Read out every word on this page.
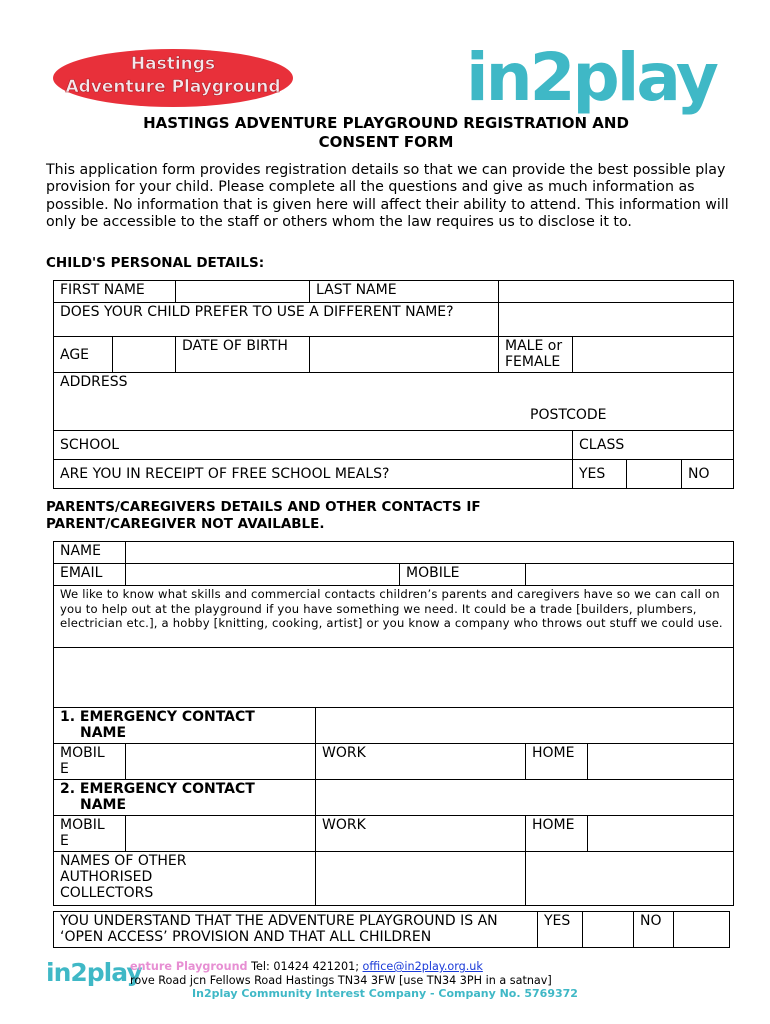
Hastings
Adventure Playground	in2play
HASTINGS ADVENTURE PLAYGROUND REGISTRATION AND
CONSENT FORM
This application form provides registration details so that we can provide the best possible play provision for your child. Please complete all the questions and give as much information as possible. No information that is given here will affect their ability to attend. This information will only be accessible to the staff or others whom the law requires us to disclose it to.
CHILD'S PERSONAL DETAILS:
FIRST NAME			LAST NAME				
DOES YOUR CHILD PREFER TO USE A DIFFERENT NAME?							
AGE		DATE OF BIRTH		MALE or FEMALE			
ADDRESS
POSTCODE							

SCHOOL					CLASS		
ARE YOU IN RECEIPT OF FREE SCHOOL MEALS?					YES		NO
PARENTS/CAREGIVERS DETAILS AND OTHER CONTACTS IF
PARENT/CAREGIVER NOT AVAILABLE.
NAME					
EMAIL			MOBILE		
We like to know what skills and commercial contacts children’s parents and caregivers have so we can call on you to help out at the playground if you have something we need. It could be a trade [builders, plumbers, electrician etc.], a hobby [knitting, cooking, artist] or you know a company who throws out stuff we could use.					

1. EMERGENCY CONTACT
NAME					

MOBIL
E		WORK		HOME	

2. EMERGENCY CONTACT
NAME					

MOBIL
E		WORK		HOME	
NAMES OF OTHER AUTHORISED COLLECTORS					
YOU UNDERSTAND THAT THE ADVENTURE PLAYGROUND IS AN ‘OPEN ACCESS’ PROVISION AND THAT ALL CHILDREN	YES		NO	
in2play
enture Playground Tel: 01424 421201; office@in2play.org.uk
rove Road jcn Fellows Road Hastings TN34 3FW [use TN34 3PH in a satnav]
In2play Community Interest Company - Company No. 5769372
